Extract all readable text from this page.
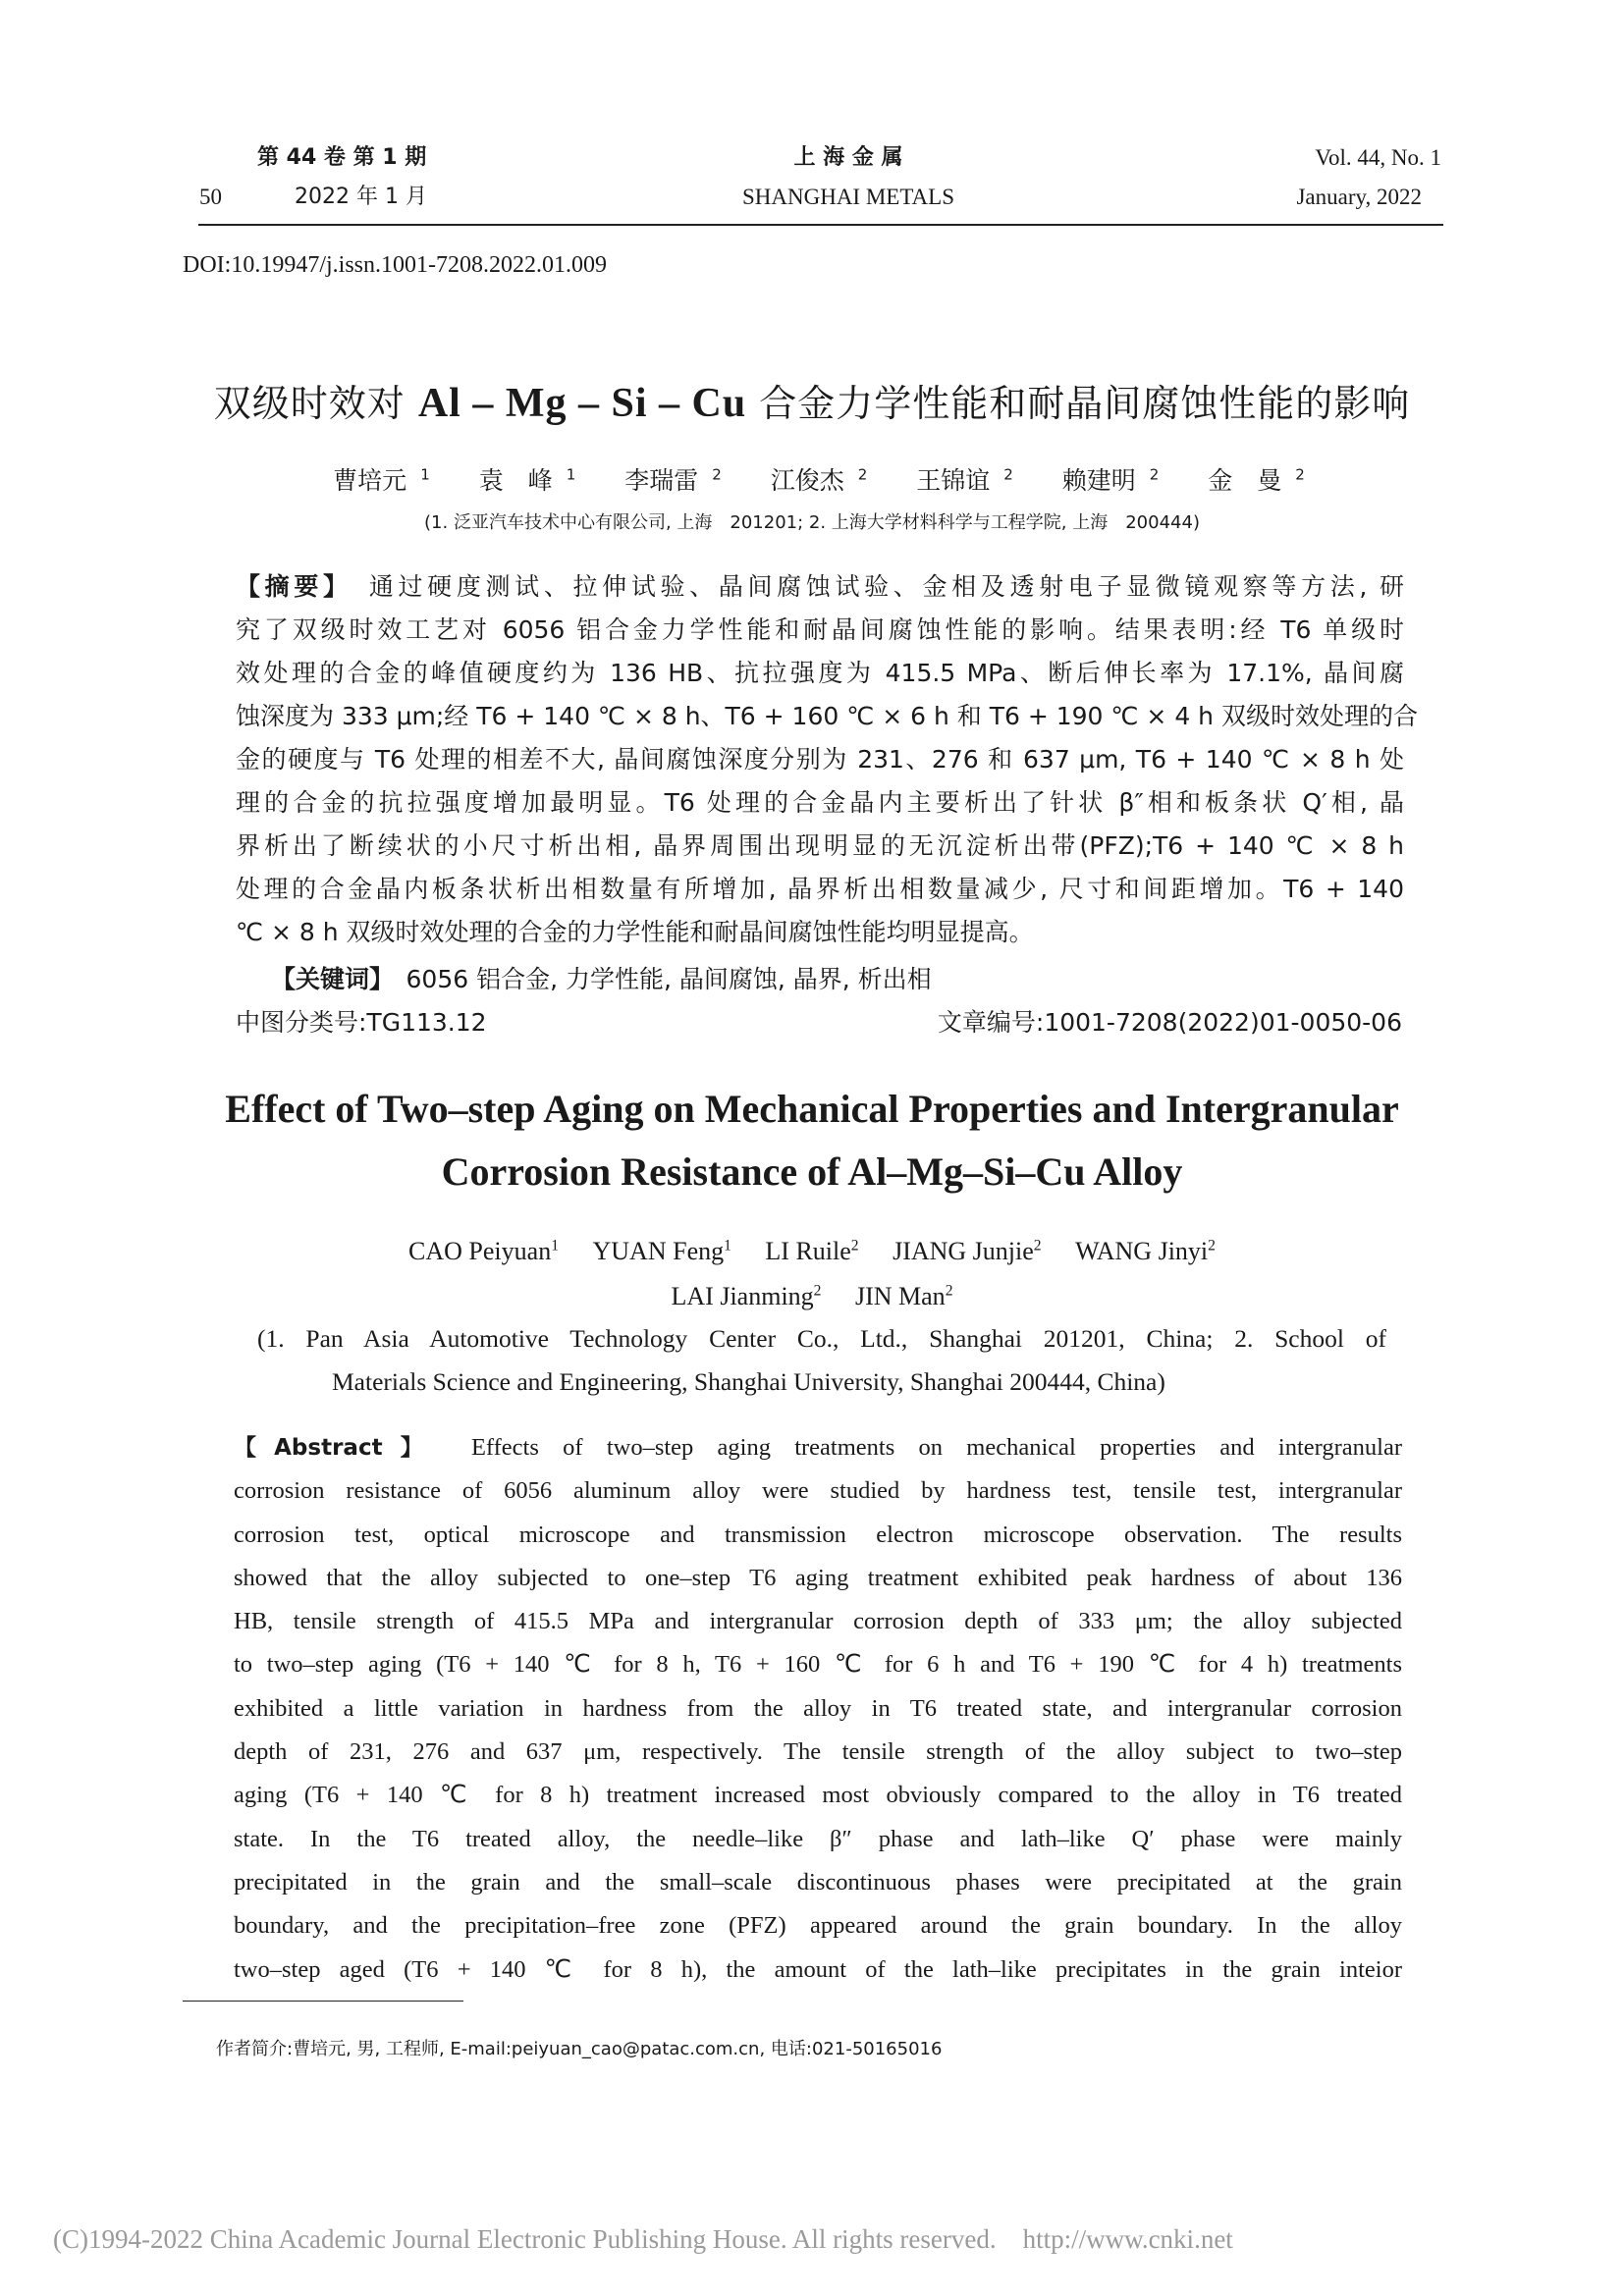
第 44 卷 第 1 期
50	2022 年 1 月
上 海 金 属
SHANGHAI METALS
Vol. 44, No. 1
January, 2022
DOI:10.19947/j.issn.1001-7208.2022.01.009
双级时效对 Al – Mg – Si – Cu 合金力学性能和耐晶间腐蚀性能的影响
曹培元 $^1$ 袁　峰 $^1$ 李瑞雷 $^2$ 江俊杰 $^2$ 王锦谊 $^2$ 赖建明 $^2$ 金　曼 $^2$
(1. 泛亚汽车技术中心有限公司, 上海　201201; 2. 上海大学材料科学与工程学院, 上海　200444)
【摘要】　 通过硬度测试、拉伸试验、晶间腐蚀试验、金相及透射电子显微镜观察等方法, 研
究了双级时效工艺对 6056 铝合金力学性能和耐晶间腐蚀性能的影响。结果表明:经 T6 单级时
效处理的合金的峰值硬度约为 136 HB、抗拉强度为 415.5 MPa、断后伸长率为 17.1%, 晶间腐
蚀深度为 333 μm;经 T6 + 140 ℃ × 8 h、T6 + 160 ℃ × 6 h 和 T6 + 190 ℃ × 4 h 双级时效处理的合
金的硬度与 T6 处理的相差不大, 晶间腐蚀深度分别为 231、276 和 637 μm, T6 + 140 ℃ × 8 h 处
理的合金的抗拉强度增加最明显。T6 处理的合金晶内主要析出了针状 β″相和板条状 Q′相, 晶
界析出了断续状的小尺寸析出相, 晶界周围出现明显的无沉淀析出带(PFZ);T6 + 140 ℃ × 8 h
处理的合金晶内板条状析出相数量有所增加, 晶界析出相数量减少, 尺寸和间距增加。T6 + 140
℃ × 8 h 双级时效处理的合金的力学性能和耐晶间腐蚀性能均明显提高。
【关键词】　 6056 铝合金, 力学性能, 晶间腐蚀, 晶界, 析出相
中图分类号:TG113.12	文章编号:1001-7208(2022)01-0050-06
Effect of Two–step Aging on Mechanical Properties and Intergranular
Corrosion Resistance of Al–Mg–Si–Cu Alloy
CAO Peiyuan$^1$ YUAN Feng$^1$ LI Ruile$^2$ JIANG Junjie$^2$ WANG Jinyi$^2$
LAI Jianming$^2$ JIN Man$^2$
(1. Pan Asia Automotive Technology Center Co., Ltd., Shanghai 201201, China; 2. School of
Materials Science and Engineering, Shanghai University, Shanghai 200444, China)
【Abstract】　 Effects of two–step aging treatments on mechanical properties and intergranular
corrosion resistance of 6056 aluminum alloy were studied by hardness test, tensile test, intergranular
corrosion test, optical microscope and transmission electron microscope observation. The results
showed that the alloy subjected to one–step T6 aging treatment exhibited peak hardness of about 136
HB, tensile strength of 415.5 MPa and intergranular corrosion depth of 333 μm; the alloy subjected
to two–step aging (T6 + 140 ℃ for 8 h, T6 + 160 ℃ for 6 h and T6 + 190 ℃ for 4 h) treatments
exhibited a little variation in hardness from the alloy in T6 treated state, and intergranular corrosion
depth of 231, 276 and 637 μm, respectively. The tensile strength of the alloy subject to two–step
aging (T6 + 140 ℃ for 8 h) treatment increased most obviously compared to the alloy in T6 treated
state. In the T6 treated alloy, the needle–like β″ phase and lath–like Q′ phase were mainly
precipitated in the grain and the small–scale discontinuous phases were precipitated at the grain
boundary, and the precipitation–free zone (PFZ) appeared around the grain boundary. In the alloy
two–step aged (T6 + 140 ℃ for 8 h), the amount of the lath–like precipitates in the grain inteior
作者简介:曹培元, 男, 工程师, E-mail:peiyuan_cao@patac.com.cn, 电话:021-50165016
(C)1994-2022 China Academic Journal Electronic Publishing House. All rights reserved. http://www.cnki.net
